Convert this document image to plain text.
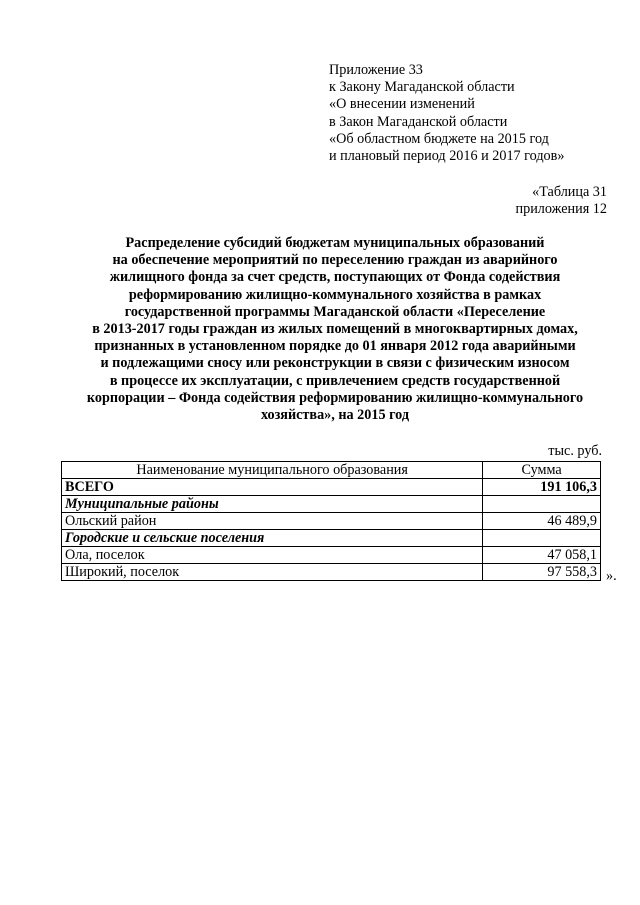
Приложение 33
к Закону Магаданской области
«О внесении изменений
в Закон Магаданской области
«Об областном бюджете на 2015 год
и плановый период 2016 и 2017 годов»
«Таблица 31
приложения 12
Распределение субсидий бюджетам муниципальных образований
на обеспечение мероприятий по переселению граждан из аварийного
жилищного фонда за счет средств, поступающих от Фонда содействия
реформированию жилищно-коммунального хозяйства в рамках
государственной программы Магаданской области «Переселение
в 2013-2017 годы граждан из жилых помещений в многоквартирных домах,
признанных в установленном порядке до 01 января 2012 года аварийными
и подлежащими сносу или реконструкции в связи с физическим износом
в процессе их эксплуатации, с привлечением средств государственной
корпорации – Фонда содействия реформированию жилищно-коммунального
хозяйства», на 2015 год
тыс. руб.
Наименование муниципального образования	Сумма
ВСЕГО	191 106,3
Муниципальные районы	
Ольский район	46 489,9
Городские и сельские поселения	
Ола, поселок	47 058,1
Широкий, поселок	97 558,3 ».
